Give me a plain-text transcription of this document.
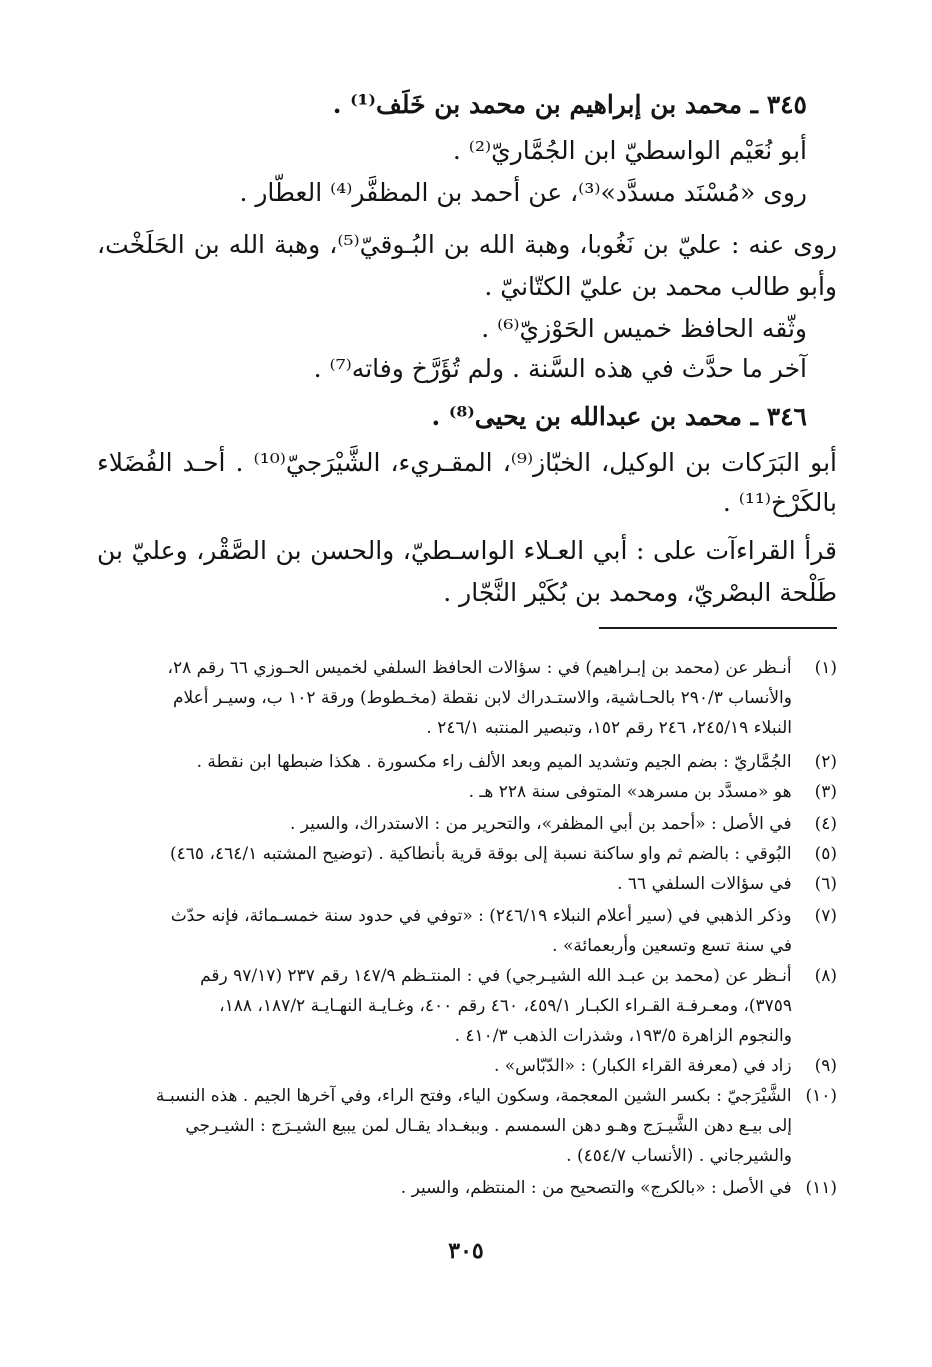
٣٤٥ ـ محمد بن إبراهيم بن محمد بن خَلَف⁽¹⁾ .
أبو نُعَيْم الواسطيّ ابن الجُمَّاريّ⁽²⁾ .
روى «مُسْنَد مسدَّد»⁽³⁾، عن أحمد بن المظفَّر⁽⁴⁾ العطّار .
روى عنه : عليّ بن نَغُوبا، وهبة الله بن البُـوقيّ⁽⁵⁾، وهبة الله بن الحَلَخْت،
وأبو طالب محمد بن عليّ الكتّانيّ .
وثّقه الحافظ خميس الحَوْزيّ⁽⁶⁾ .
آخر ما حدَّث في هذه السَّنة . ولم تُؤَرَّخ وفاته⁽⁷⁾ .
٣٤٦ ـ محمد بن عبدالله بن يحيى⁽⁸⁾ .
أبو البَرَكات بن الوكيل، الخبّاز⁽⁹⁾، المقـريء، الشَّيْرَجيّ⁽¹⁰⁾ . أحـد الفُضَلاء
بالكَرْخ⁽¹¹⁾ .
قرأ القراءآت على : أبي العـلاء الواسـطيّ، والحسن بن الصَّقْر، وعليّ بن
طَلْحة البصْريّ، ومحمد بن بُكَيْر النَّجّار .
(١) أنـظر عن (محمد بن إبـراهيم) في : سؤالات الحافظ السلفي لخميس الحـوزي ٦٦ رقم ٢٨،
والأنساب ٢٩٠/٣ بالحـاشية، والاستـدراك لابن نقطة (مخـطوط) ورقة ١٠٢ ب، وسيـر أعلام
النبلاء ٢٤٥/١٩، ٢٤٦ رقم ١٥٢، وتبصير المنتبه ٢٤٦/١ .
(٢) الجُمَّاريّ : بضم الجيم وتشديد الميم وبعد الألف راء مكسورة . هكذا ضبطها ابن نقطة .
(٣) هو «مسدَّد بن مسرهد» المتوفى سنة ٢٢٨ هـ .
(٤) في الأصل : «أحمد بن أبي المظفر»، والتحرير من : الاستدراك، والسير .
(٥) البُوقي : بالضم ثم واو ساكنة نسبة إلى بوقة قرية بأنطاكية . (توضيح المشتبه ٤٦٤/١، ٤٦٥)
(٦) في سؤالات السلفي ٦٦ .
(٧) وذكر الذهبي في (سير أعلام النبلاء ٢٤٦/١٩) : «توفي في حدود سنة خمسـمائة، فإنه حدّث
في سنة تسع وتسعين وأربعمائة» .
(٨) أنـظر عن (محمد بن عبـد الله الشيـرجي) في : المنتـظم ١٤٧/٩ رقم ٢٣٧ (٩٧/١٧ رقم
٣٧٥٩)، ومعـرفـة القـراء الكبـار ٤٥٩/١، ٤٦٠ رقم ٤٠٠، وغـايـة النهـايـة ١٨٧/٢، ١٨٨،
والنجوم الزاهرة ١٩٣/٥، وشذرات الذهب ٤١٠/٣ .
(٩) زاد في (معرفة القراء الكبار) : «الدّبّاس» .
(١٠) الشَّيْرَجيّ : بكسر الشين المعجمة، وسكون الياء، وفتح الراء، وفي آخرها الجيم . هذه النسبـة
إلى بيـع دهن الشَّيـرَج وهـو دهن السمسم . وببغـداد يقـال لمن يبيع الشيـرَج : الشيـرجي
والشيرجاني . (الأنساب ٤٥٤/٧) .
(١١) في الأصل : «بالكرج» والتصحيح من : المنتظم، والسير .
٣٠٥
